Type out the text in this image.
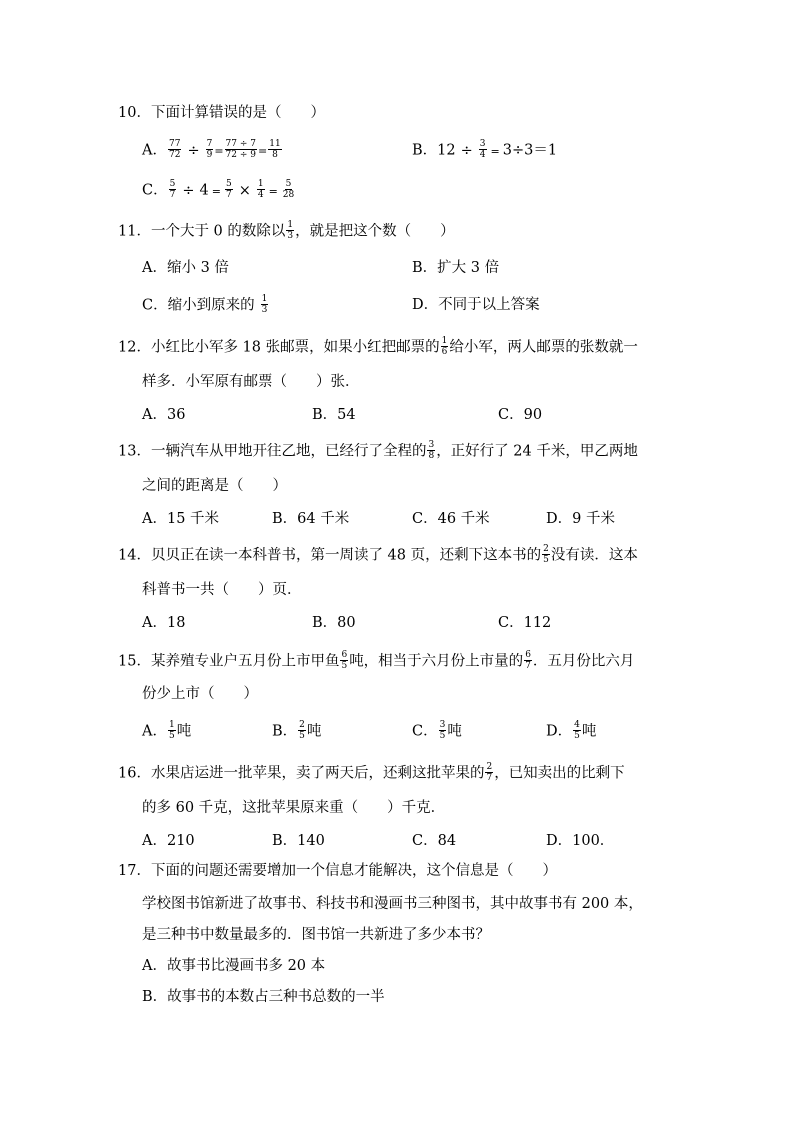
10．下面计算错误的是（　　）
A． $\frac{77}{72} \div \frac{7}{9} = \frac{77 \div 7}{72 \div 9} = \frac{11}{8}$	B．$12 \div \frac{3}{4} = 3\div 3=1$
C． $\frac{5}{7} \div 4 = \frac{5}{7} \times \frac{1}{4} = \frac{5}{28}$
11．一个大于 0 的数除以 $\frac{1}{3}$ ，就是把这个数（　　）
A．缩小 3 倍	B．扩大 3 倍
C．缩小到原来的 $\frac{1}{3}$	D．不同于以上答案
12．小红比小军多 18 张邮票，如果小红把邮票的 $\frac{1}{6}$ 给小军，两人邮票的张数就一
样多．小军原有邮票（　　）张．
A．36	B．54	C．90
13．一辆汽车从甲地开往乙地，已经行了全程的 $\frac{3}{8}$ ，正好行了 24 千米，甲乙两地
之间的距离是（　　）
A．15 千米	B．64 千米	C．46 千米	D．9 千米
14．贝贝正在读一本科普书，第一周读了 48 页，还剩下这本书的 $\frac{2}{5}$ 没有读．这本
科普书一共（　　）页．
A．18	B．80	C．112
15．某养殖专业户五月份上市甲鱼 $\frac{6}{5}$ 吨，相当于六月份上市量的 $\frac{6}{7}$ ．五月份比六月
份少上市（　　）
A． $\frac{1}{5}$ 吨	B． $\frac{2}{5}$ 吨	C． $\frac{3}{5}$ 吨	D． $\frac{4}{5}$ 吨
16．水果店运进一批苹果，卖了两天后，还剩这批苹果的 $\frac{2}{7}$ ，已知卖出的比剩下
的多 60 千克，这批苹果原来重（　　）千克．
A．210	B．140	C．84	D．100．
17．下面的问题还需要增加一个信息才能解决，这个信息是（　　）
学校图书馆新进了故事书、科技书和漫画书三种图书，其中故事书有 200 本，
是三种书中数量最多的．图书馆一共新进了多少本书？
A．故事书比漫画书多 20 本
B．故事书的本数占三种书总数的一半
